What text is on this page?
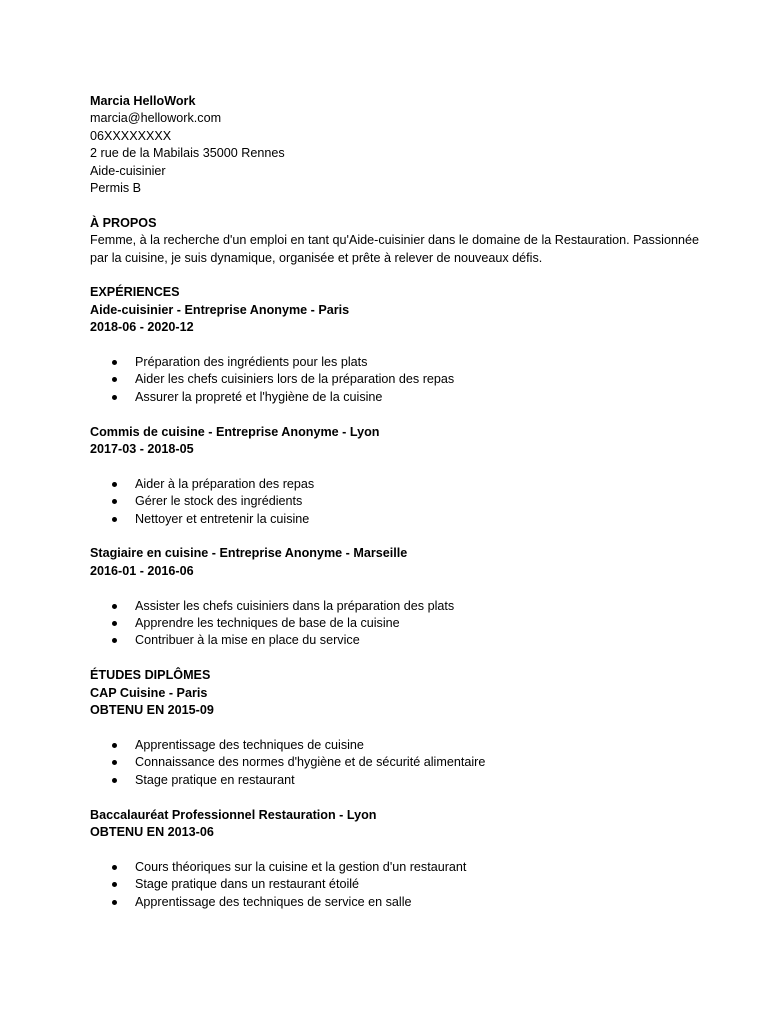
Marcia HelloWork
marcia@hellowork.com
06XXXXXXXX
2 rue de la Mabilais 35000 Rennes
Aide-cuisinier
Permis B
À PROPOS
Femme, à la recherche d'un emploi en tant qu'Aide-cuisinier dans le domaine de la Restauration. Passionnée par la cuisine, je suis dynamique, organisée et prête à relever de nouveaux défis.
EXPÉRIENCES
Aide-cuisinier - Entreprise Anonyme - Paris
2018-06 - 2020-12
Préparation des ingrédients pour les plats
Aider les chefs cuisiniers lors de la préparation des repas
Assurer la propreté et l'hygiène de la cuisine
Commis de cuisine - Entreprise Anonyme - Lyon
2017-03 - 2018-05
Aider à la préparation des repas
Gérer le stock des ingrédients
Nettoyer et entretenir la cuisine
Stagiaire en cuisine - Entreprise Anonyme - Marseille
2016-01 - 2016-06
Assister les chefs cuisiniers dans la préparation des plats
Apprendre les techniques de base de la cuisine
Contribuer à la mise en place du service
ÉTUDES DIPLÔMES
CAP Cuisine - Paris
OBTENU EN 2015-09
Apprentissage des techniques de cuisine
Connaissance des normes d'hygiène et de sécurité alimentaire
Stage pratique en restaurant
Baccalauréat Professionnel Restauration - Lyon
OBTENU EN 2013-06
Cours théoriques sur la cuisine et la gestion d'un restaurant
Stage pratique dans un restaurant étoilé
Apprentissage des techniques de service en salle
